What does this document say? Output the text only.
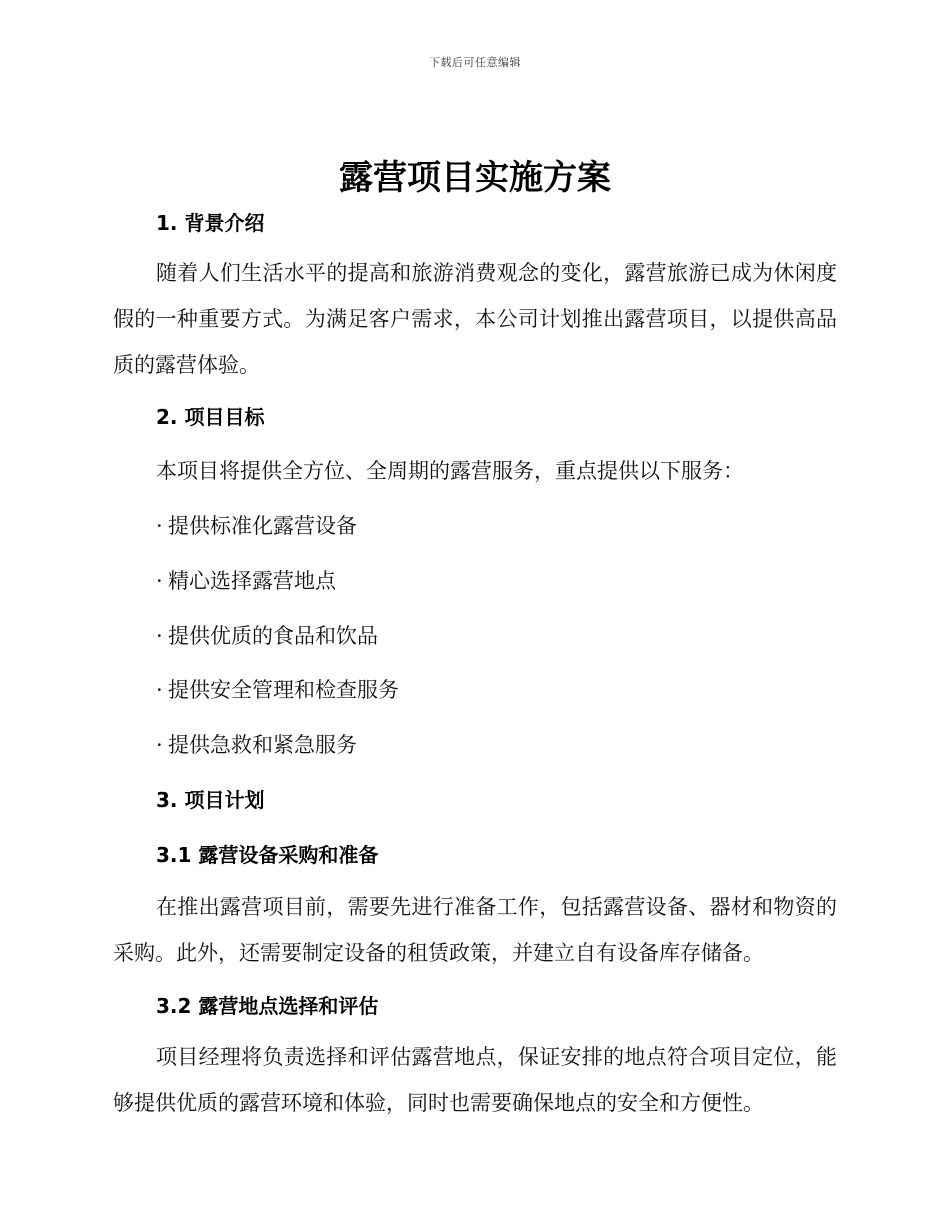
下载后可任意编辑
露营项目实施方案
1. 背景介绍

随着人们生活水平的提高和旅游消费观念的变化，露营旅游已成为休闲度假的一种重要方式。为满足客户需求，本公司计划推出露营项目，以提供高品质的露营体验。

2. 项目目标

本项目将提供全方位、全周期的露营服务，重点提供以下服务：

· 提供标准化露营设备

· 精心选择露营地点

· 提供优质的食品和饮品

· 提供安全管理和检查服务

· 提供急救和紧急服务

3. 项目计划
3.1 露营设备采购和准备

在推出露营项目前，需要先进行准备工作，包括露营设备、器材和物资的采购。此外，还需要制定设备的租赁政策，并建立自有设备库存储备。

3.2 露营地点选择和评估

项目经理将负责选择和评估露营地点，保证安排的地点符合项目定位，能够提供优质的露营环境和体验，同时也需要确保地点的安全和方便性。
